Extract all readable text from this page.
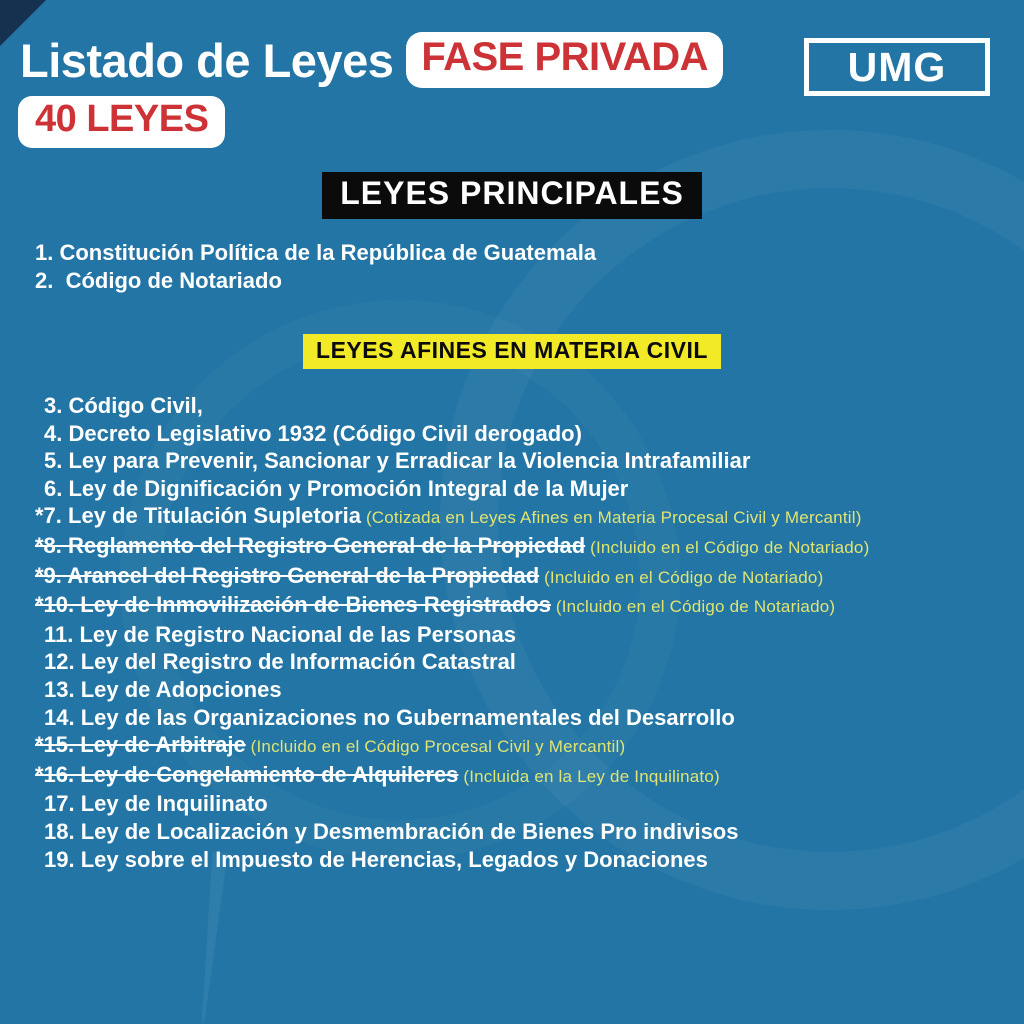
Listado de Leyes FASE PRIVADA	UMG
40 LEYES
LEYES PRINCIPALES
1. Constitución Política de la República de Guatemala
2.  Código de Notariado
LEYES AFINES EN MATERIA CIVIL
3. Código Civil,
4. Decreto Legislativo 1932 (Código Civil derogado)
5. Ley para Prevenir, Sancionar y Erradicar la Violencia Intrafamiliar
6. Ley de Dignificación y Promoción Integral de la Mujer
*7. Ley de Titulación Supletoria (Cotizada en Leyes Afines en Materia Procesal Civil y Mercantil)
*8. Reglamento del Registro General de la Propiedad (Incluido en el Código de Notariado)
*9. Arancel del Registro General de la Propiedad (Incluido en el Código de Notariado)
*10. Ley de Inmovilización de Bienes Registrados (Incluido en el Código de Notariado)
11. Ley de Registro Nacional de las Personas
12. Ley del Registro de Información Catastral
13. Ley de Adopciones
14. Ley de las Organizaciones no Gubernamentales del Desarrollo
*15. Ley de Arbitraje (Incluido en el Código Procesal Civil y Mercantil)
*16. Ley de Congelamiento de Alquileres (Incluida en la Ley de Inquilinato)
17. Ley de Inquilinato
18. Ley de Localización y Desmembración de Bienes Pro indivisos
19. Ley sobre el Impuesto de Herencias, Legados y Donaciones
